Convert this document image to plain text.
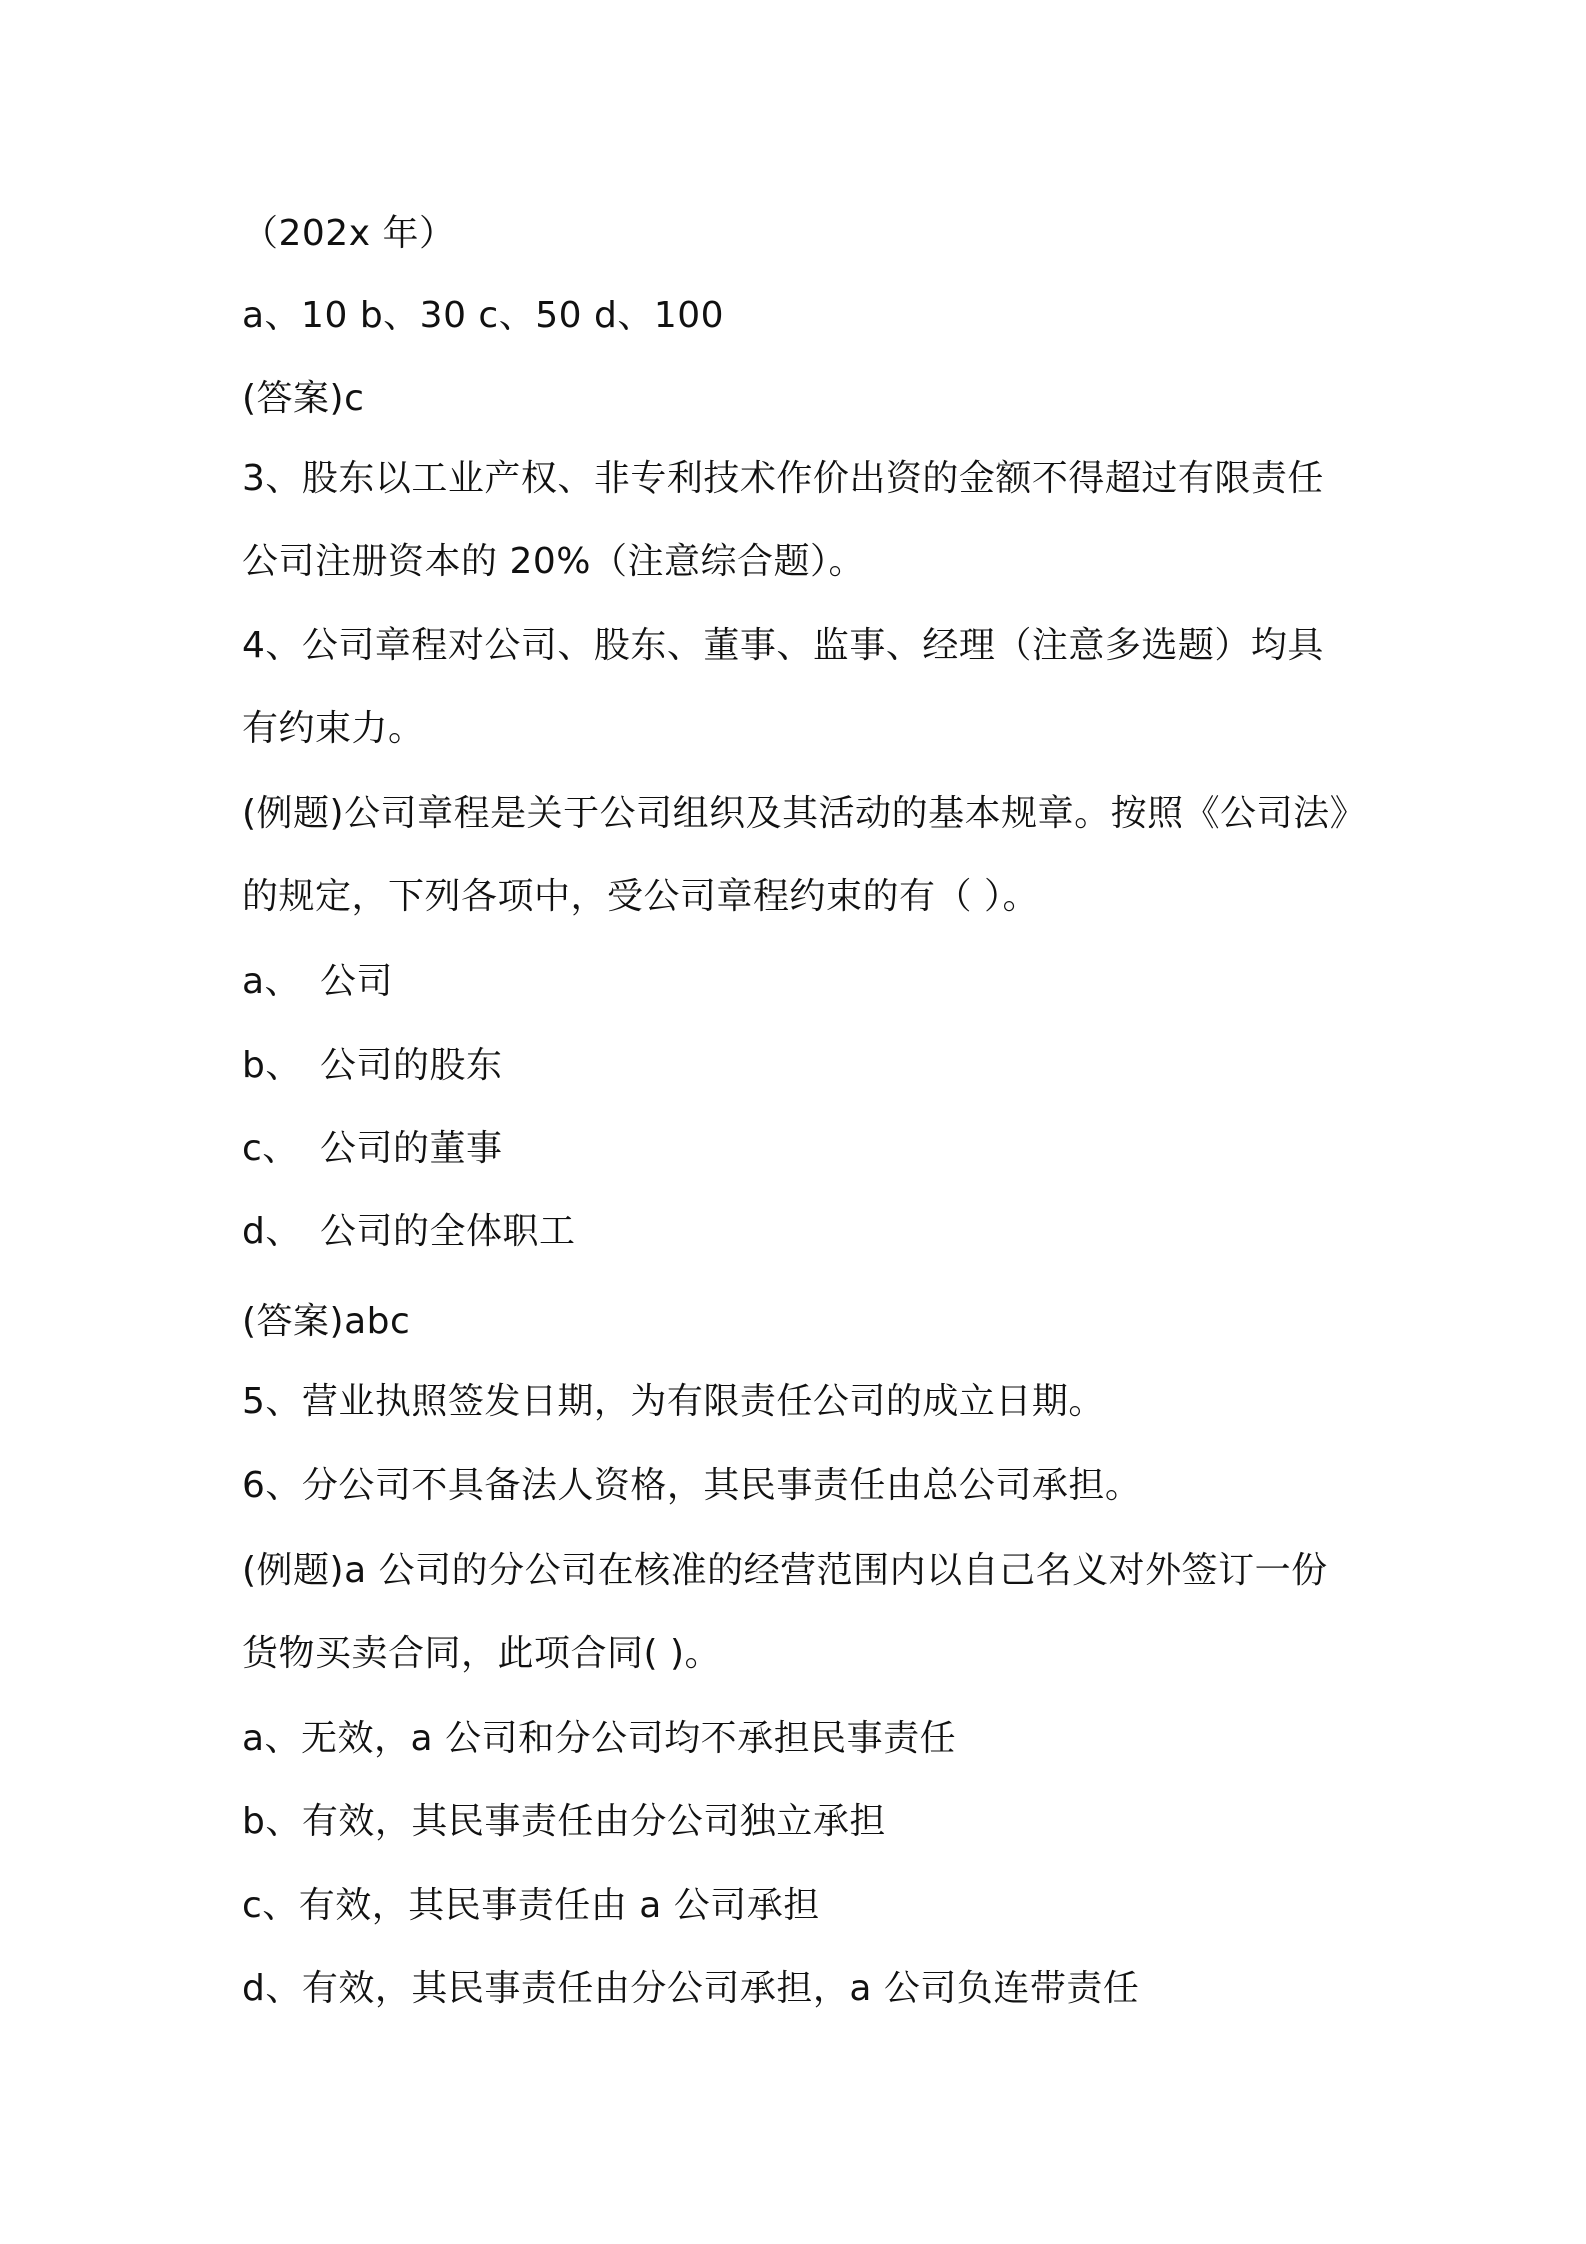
（202x 年）
a、10 b、30 c、50 d、100
(答案)c
3、股东以工业产权、非专利技术作价出资的金额不得超过有限责任
公司注册资本的 20%（注意综合题）。
4、公司章程对公司、股东、董事、监事、经理（注意多选题）均具
有约束力。
(例题)公司章程是关于公司组织及其活动的基本规章。按照《公司法》
的规定，下列各项中，受公司章程约束的有（ ）。
a、 公司
b、 公司的股东
c、 公司的董事
d、 公司的全体职工
(答案)abc
5、营业执照签发日期，为有限责任公司的成立日期。
6、分公司不具备法人资格，其民事责任由总公司承担。
(例题)a 公司的分公司在核准的经营范围内以自己名义对外签订一份
货物买卖合同，此项合同( )。
a、无效，a 公司和分公司均不承担民事责任
b、有效，其民事责任由分公司独立承担
c、有效，其民事责任由 a 公司承担
d、有效，其民事责任由分公司承担，a 公司负连带责任
